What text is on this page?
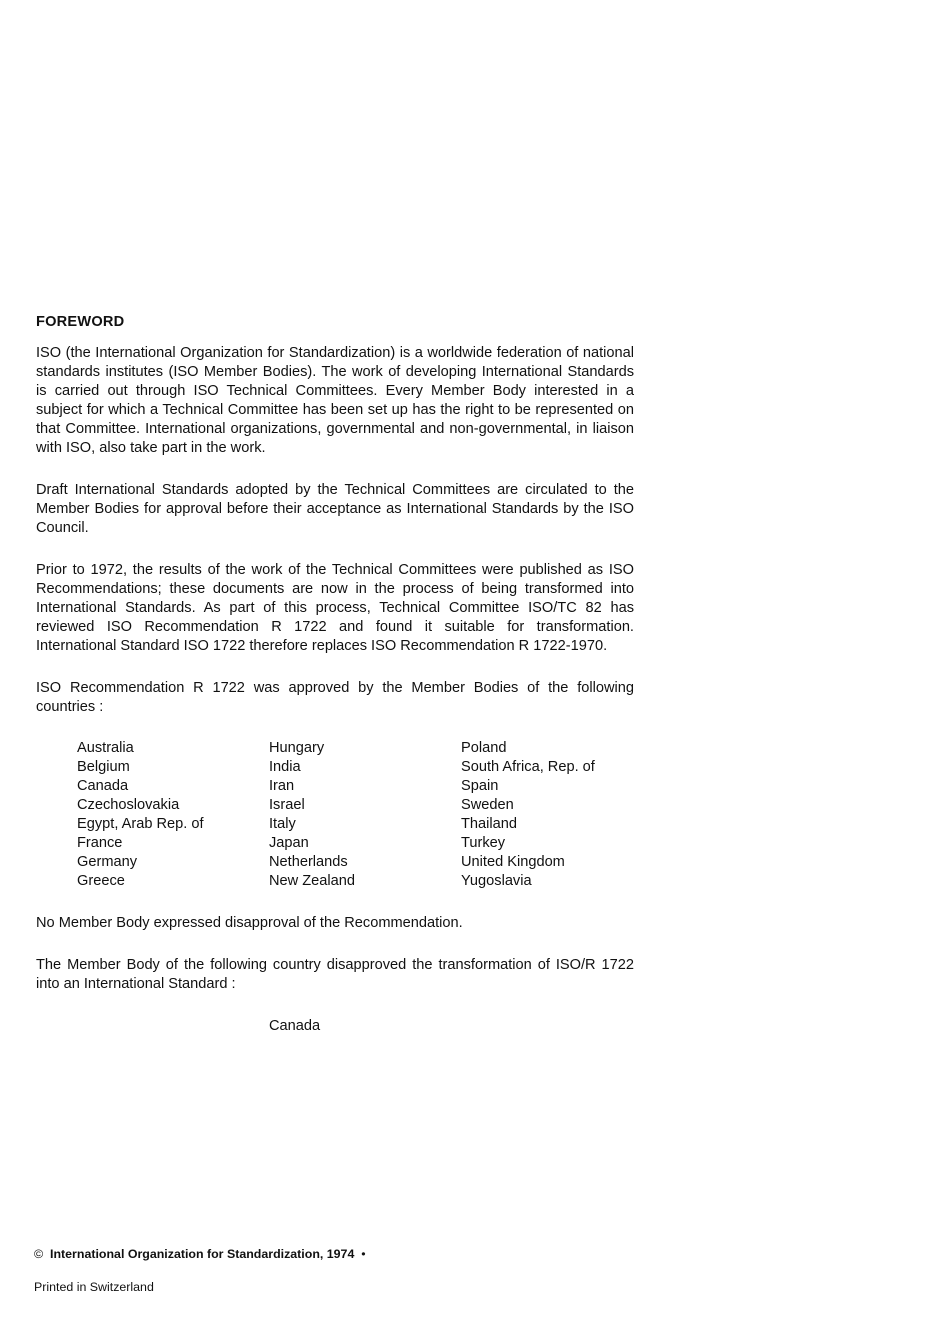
FOREWORD

ISO (the International Organization for Standardization) is a worldwide federation of national standards institutes (ISO Member Bodies). The work of developing International Standards is carried out through ISO Technical Committees. Every Member Body interested in a subject for which a Technical Committee has been set up has the right to be represented on that Committee. International organizations, governmental and non-governmental, in liaison with ISO, also take part in the work.

Draft International Standards adopted by the Technical Committees are circulated to the Member Bodies for approval before their acceptance as International Standards by the ISO Council.

Prior to 1972, the results of the work of the Technical Committees were published as ISO Recommendations; these documents are now in the process of being transformed into International Standards. As part of this process, Technical Committee ISO/TC 82 has reviewed ISO Recommendation R 1722 and found it suitable for transformation. International Standard ISO 1722 therefore replaces ISO Recommendation R 1722-1970.

ISO Recommendation R 1722 was approved by the Member Bodies of the following countries :

Australia
Belgium
Canada
Czechoslovakia
Egypt, Arab Rep. of
France
Germany
Greece
Hungary
India
Iran
Israel
Italy
Japan
Netherlands
New Zealand
Poland
South Africa, Rep. of
Spain
Sweden
Thailand
Turkey
United Kingdom
Yugoslavia

No Member Body expressed disapproval of the Recommendation.

The Member Body of the following country disapproved the transformation of ISO/R 1722 into an International Standard :

Canada
© International Organization for Standardization, 1974 •
Printed in Switzerland
